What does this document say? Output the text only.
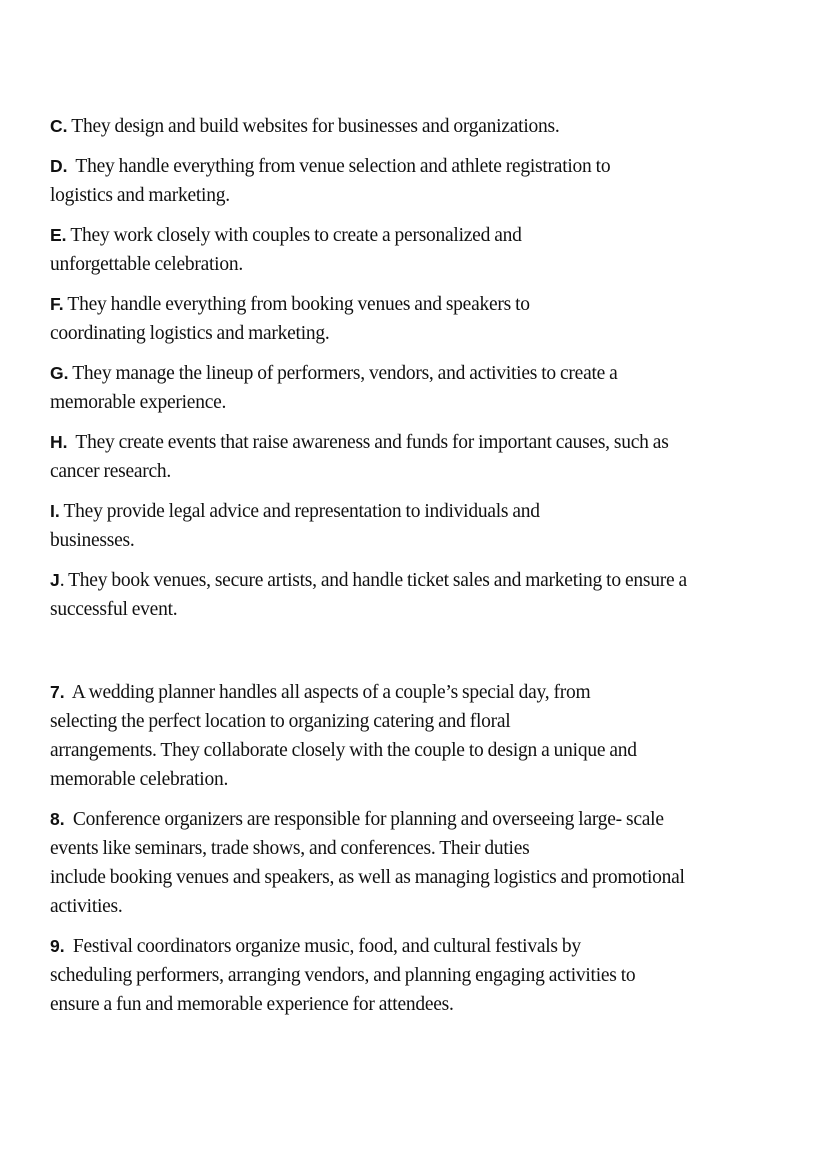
C. They design and build websites for businesses and organizations.

D. They handle everything from venue selection and athlete registration to
logistics and marketing.

E. They work closely with couples to create a personalized and
unforgettable celebration.

F. They handle everything from booking venues and speakers to
coordinating logistics and marketing.

G. They manage the lineup of performers, vendors, and activities to create a
memorable experience.

H. They create events that raise awareness and funds for important causes, such as
cancer research.

I. They provide legal advice and representation to individuals and
businesses.

J. They book venues, secure artists, and handle ticket sales and marketing to ensure a
successful event.

7. A wedding planner handles all aspects of a couple’s special day, from
selecting the perfect location to organizing catering and floral
arrangements. They collaborate closely with the couple to design a unique and
memorable celebration.

8. Conference organizers are responsible for planning and overseeing large- scale
events like seminars, trade shows, and conferences. Their duties
include booking venues and speakers, as well as managing logistics and promotional
activities.

9. Festival coordinators organize music, food, and cultural festivals by
scheduling performers, arranging vendors, and planning engaging activities to
ensure a fun and memorable experience for attendees.
